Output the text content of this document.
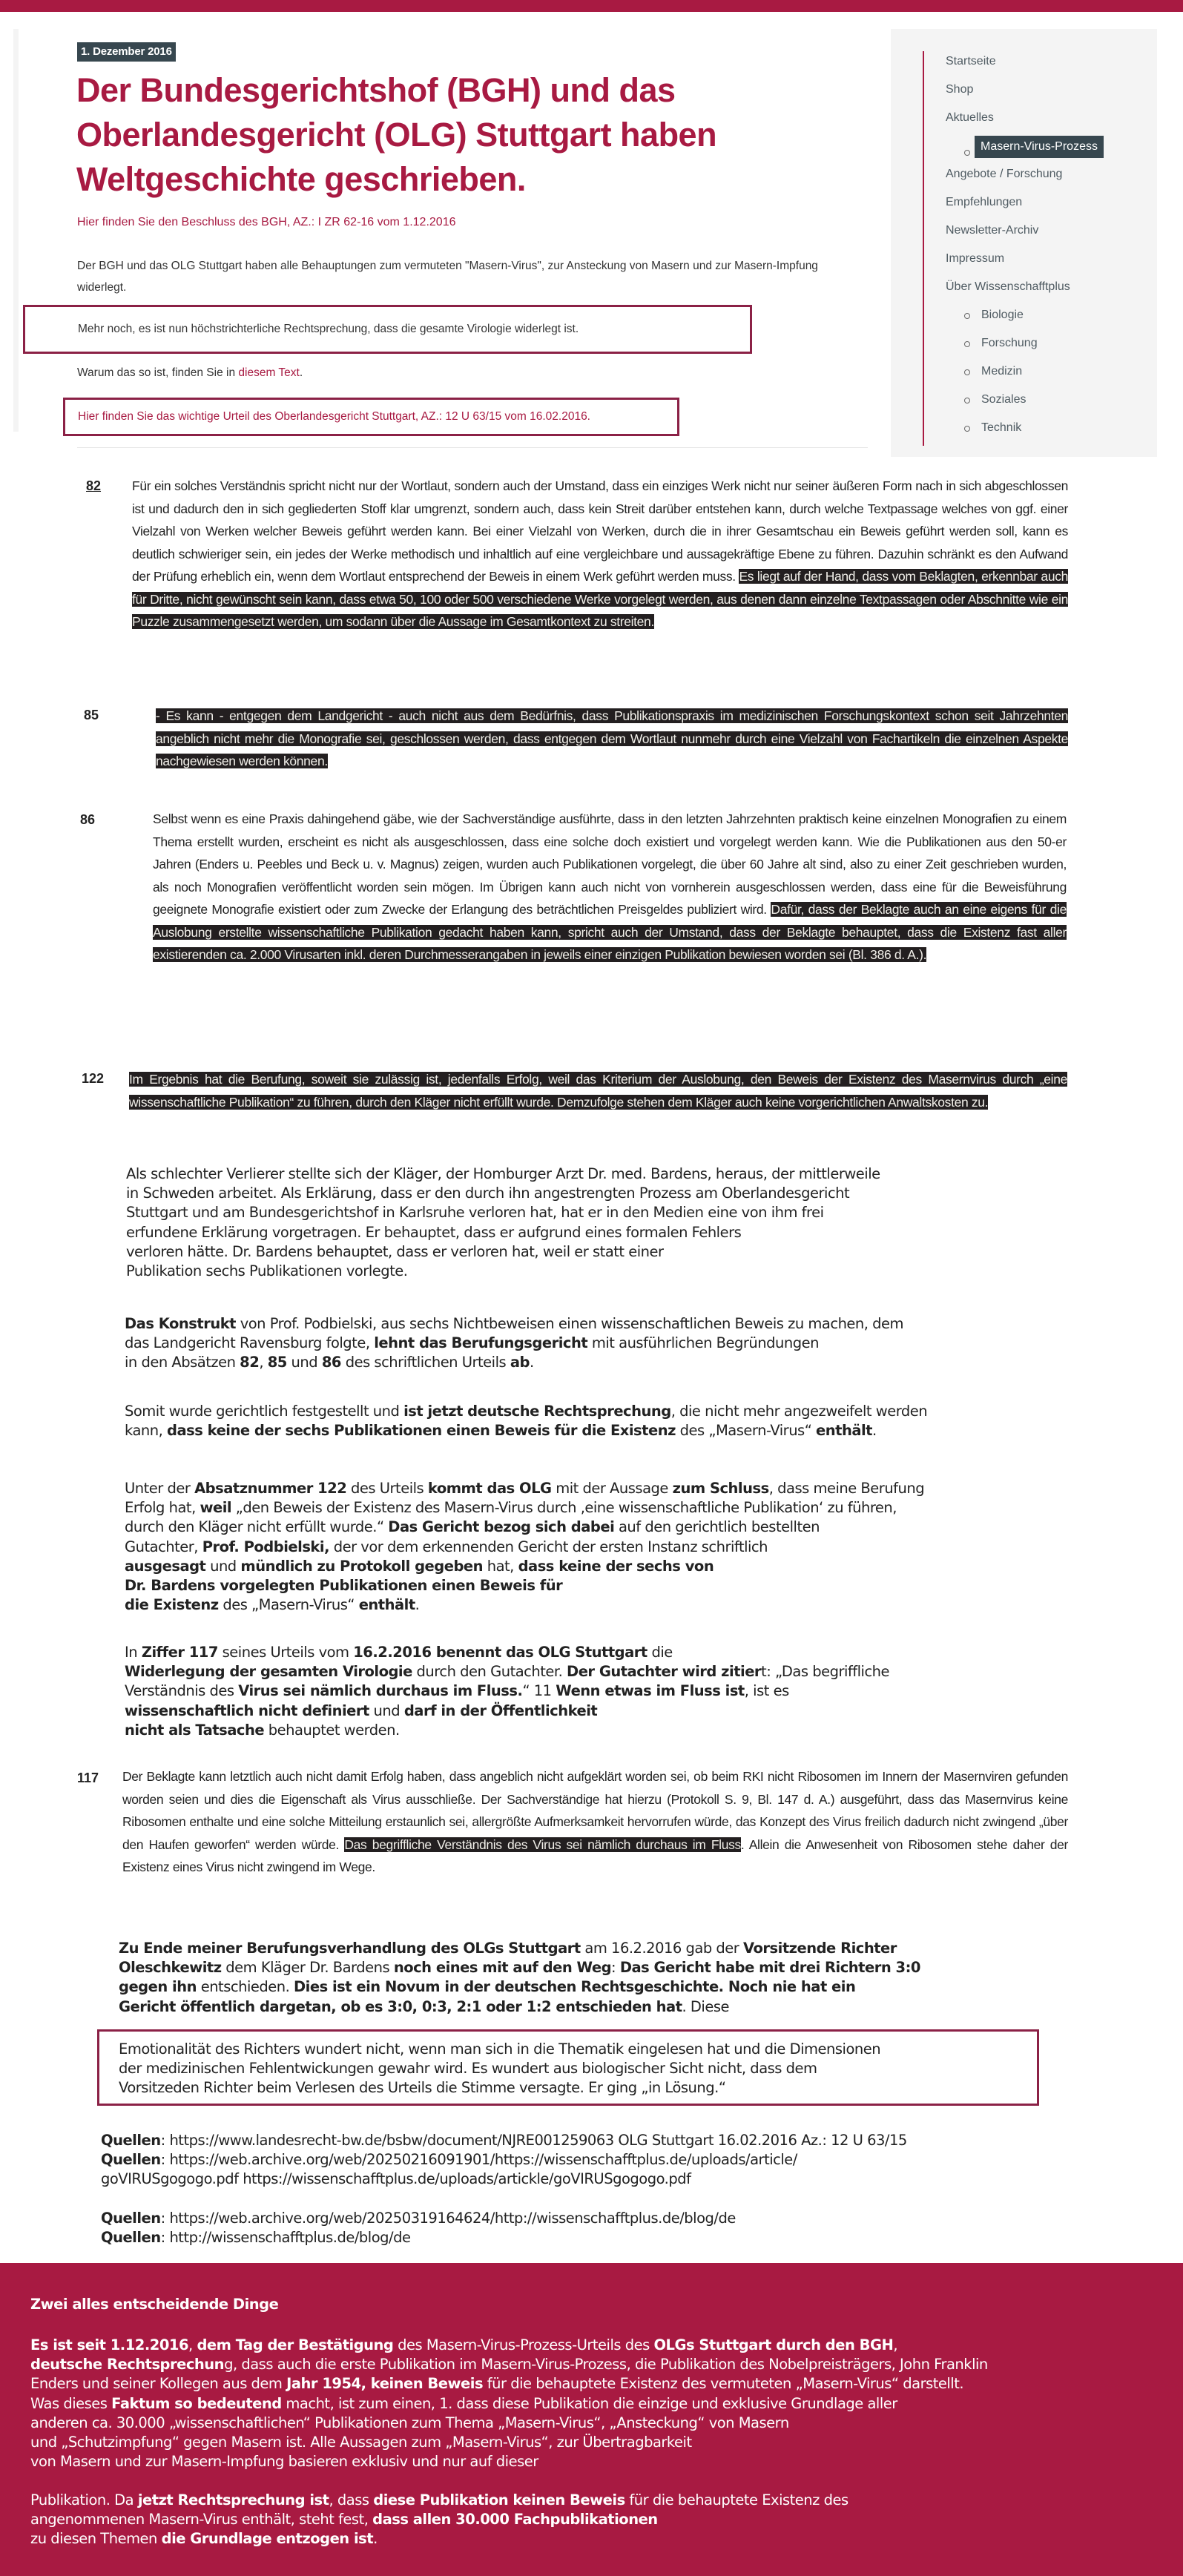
1. Dezember 2016
Der Bundesgerichtshof (BGH) und das Oberlandesgericht (OLG) Stuttgart haben Weltgeschichte geschrieben.
Hier finden Sie den Beschluss des BGH, AZ.: I ZR 62-16 vom 1.12.2016
Der BGH und das OLG Stuttgart haben alle Behauptungen zum vermuteten "Masern-Virus", zur Ansteckung von Masern und zur Masern-Impfung widerlegt.
Mehr noch, es ist nun höchstrichterliche Rechtsprechung, dass die gesamte Virologie widerlegt ist.
Warum das so ist, finden Sie in diesem Text.
Hier finden Sie das wichtige Urteil des Oberlandesgericht Stuttgart, AZ.: 12 U 63/15 vom 16.02.2016.
Startseite
Shop
Aktuelles
Masern-Virus-Prozess
Angebote / Forschung
Empfehlungen
Newsletter-Archiv
Impressum
Über Wissenschafftplus
Biologie
Forschung
Medizin
Soziales
Technik
82 Für ein solches Verständnis spricht nicht nur der Wortlaut, sondern auch der Umstand, dass ein einziges Werk nicht nur seiner äußeren Form nach in sich abgeschlossen ist und dadurch den in sich gegliederten Stoff klar umgrenzt, sondern auch, dass kein Streit darüber entstehen kann, durch welche Textpassage welches von ggf. einer Vielzahl von Werken welcher Beweis geführt werden kann. Bei einer Vielzahl von Werken, durch die in ihrer Gesamtschau ein Beweis geführt werden soll, kann es deutlich schwieriger sein, ein jedes der Werke methodisch und inhaltlich auf eine vergleichbare und aussagekräftige Ebene zu führen. Dazuhin schränkt es den Aufwand der Prüfung erheblich ein, wenn dem Wortlaut entsprechend der Beweis in einem Werk geführt werden muss. Es liegt auf der Hand, dass vom Beklagten, erkennbar auch für Dritte, nicht gewünscht sein kann, dass etwa 50, 100 oder 500 verschiedene Werke vorgelegt werden, aus denen dann einzelne Textpassagen oder Abschnitte wie ein Puzzle zusammengesetzt werden, um sodann über die Aussage im Gesamtkontext zu streiten.
85	- Es kann - entgegen dem Landgericht - auch nicht aus dem Bedürfnis, dass Publikationspraxis im medizinischen Forschungskontext schon seit Jahrzehnten angeblich nicht mehr die Monografie sei, geschlossen werden, dass entgegen dem Wortlaut nunmehr durch eine Vielzahl von Fachartikeln die einzelnen Aspekte nachgewiesen werden können.
86	Selbst wenn es eine Praxis dahingehend gäbe, wie der Sachverständige ausführte, dass in den letzten Jahrzehnten praktisch keine einzelnen Monografien zu einem Thema erstellt wurden, erscheint es nicht als ausgeschlossen, dass eine solche doch existiert und vorgelegt werden kann. Wie die Publikationen aus den 50-er Jahren (Enders u. Peebles und Beck u. v. Magnus) zeigen, wurden auch Publikationen vorgelegt, die über 60 Jahre alt sind, also zu einer Zeit geschrieben wurden, als noch Monografien veröffentlicht worden sein mögen. Im Übrigen kann auch nicht von vornherein ausgeschlossen werden, dass eine für die Beweisführung geeignete Monografie existiert oder zum Zwecke der Erlangung des beträchtlichen Preisgeldes publiziert wird. Dafür, dass der Beklagte auch an eine eigens für die Auslobung erstellte wissenschaftliche Publikation gedacht haben kann, spricht auch der Umstand, dass der Beklagte behauptet, dass die Existenz fast aller existierenden ca. 2.000 Virusarten inkl. deren Durchmesserangaben in jeweils einer einzigen Publikation bewiesen worden sei (Bl. 386 d. A.).
122 Im Ergebnis hat die Berufung, soweit sie zulässig ist, jedenfalls Erfolg, weil das Kriterium der Auslobung, den Beweis der Existenz des Masernvirus durch „eine wissenschaftliche Publikation“ zu führen, durch den Kläger nicht erfüllt wurde. Demzufolge stehen dem Kläger auch keine vorgerichtlichen Anwaltskosten zu.
Als schlechter Verlierer stellte sich der Kläger, der Homburger Arzt Dr. med. Bardens, heraus, der mittlerweile
in Schweden arbeitet. Als Erklärung, dass er den durch ihn angestrengten Prozess am Oberlandesgericht
Stuttgart und am Bundesgerichtshof in Karlsruhe verloren hat, hat er in den Medien eine von ihm frei
erfundene Erklärung vorgetragen. Er behauptet, dass er aufgrund eines formalen Fehlers
verloren hätte. Dr. Bardens behauptet, dass er verloren hat, weil er statt einer
Publikation sechs Publikationen vorlegte.
Das Konstrukt von Prof. Podbielski, aus sechs Nichtbeweisen einen wissenschaftlichen Beweis zu machen, dem
das Landgericht Ravensburg folgte, lehnt das Berufungsgericht mit ausführlichen Begründungen
in den Absätzen 82, 85 und 86 des schriftlichen Urteils ab.
Somit wurde gerichtlich festgestellt und ist jetzt deutsche Rechtsprechung, die nicht mehr angezweifelt werden
kann, dass keine der sechs Publikationen einen Beweis für die Existenz des „Masern-Virus“ enthält.
Unter der Absatznummer 122 des Urteils kommt das OLG mit der Aussage zum Schluss, dass meine Berufung
Erfolg hat, weil „den Beweis der Existenz des Masern-Virus durch ‚eine wissenschaftliche Publikation‘ zu führen,
durch den Kläger nicht erfüllt wurde.“ Das Gericht bezog sich dabei auf den gerichtlich bestellten
Gutachter, Prof. Podbielski, der vor dem erkennenden Gericht der ersten Instanz schriftlich
ausgesagt und mündlich zu Protokoll gegeben hat, dass keine der sechs von
Dr. Bardens vorgelegten Publikationen einen Beweis für
die Existenz des „Masern-Virus“ enthält.
In Ziffer 117 seines Urteils vom 16.2.2016 benennt das OLG Stuttgart die
Widerlegung der gesamten Virologie durch den Gutachter. Der Gutachter wird zitiert: „Das begriffliche
Verständnis des Virus sei nämlich durchaus im Fluss.“ 11 Wenn etwas im Fluss ist, ist es
wissenschaftlich nicht definiert und darf in der Öffentlichkeit
nicht als Tatsache behauptet werden.
117 Der Beklagte kann letztlich auch nicht damit Erfolg haben, dass angeblich nicht aufgeklärt worden sei, ob beim RKI nicht Ribosomen im Innern der Masernviren gefunden worden seien und dies die Eigenschaft als Virus ausschließe. Der Sachverständige hat hierzu (Protokoll S. 9, Bl. 147 d. A.) ausgeführt, dass das Masernvirus keine Ribosomen enthalte und eine solche Mitteilung erstaunlich sei, allergrößte Aufmerksamkeit hervorrufen würde, das Konzept des Virus freilich dadurch nicht zwingend „über den Haufen geworfen“ werden würde. Das begriffliche Verständnis des Virus sei nämlich durchaus im Fluss. Allein die Anwesenheit von Ribosomen stehe daher der Existenz eines Virus nicht zwingend im Wege.
Zu Ende meiner Berufungsverhandlung des OLGs Stuttgart am 16.2.2016 gab der Vorsitzende Richter
Oleschkewitz dem Kläger Dr. Bardens noch eines mit auf den Weg: Das Gericht habe mit drei Richtern 3:0
gegen ihn entschieden. Dies ist ein Novum in der deutschen Rechtsgeschichte. Noch nie hat ein
Gericht öffentlich dargetan, ob es 3:0, 0:3, 2:1 oder 1:2 entschieden hat. Diese
Emotionalität des Richters wundert nicht, wenn man sich in die Thematik eingelesen hat und die Dimensionen
der medizinischen Fehlentwickungen gewahr wird. Es wundert aus biologischer Sicht nicht, dass dem
Vorsitzeden Richter beim Verlesen des Urteils die Stimme versagte. Er ging „in Lösung.“
Quellen: https://www.landesrecht-bw.de/bsbw/document/NJRE001259063 OLG Stuttgart 16.02.2016 Az.: 12 U 63/15
Quellen: https://web.archive.org/web/20250216091901/https://wissenschafftplus.de/uploads/article/
goVIRUSgogogo.pdf https://wissenschafftplus.de/uploads/artickle/goVIRUSgogogo.pdf
Quellen: https://web.archive.org/web/20250319164624/http://wissenschafftplus.de/blog/de
Quellen: http://wissenschafftplus.de/blog/de
Zwei alles entscheidende Dinge
Es ist seit 1.12.2016, dem Tag der Bestätigung des Masern-Virus-Prozess-Urteils des OLGs Stuttgart durch den BGH,
deutsche Rechtsprechung, dass auch die erste Publikation im Masern-Virus-Prozess, die Publikation des Nobelpreisträgers, John Franklin
Enders und seiner Kollegen aus dem Jahr 1954, keinen Beweis für die behauptete Existenz des vermuteten „Masern-Virus“ darstellt.
Was dieses Faktum so bedeutend macht, ist zum einen, 1. dass diese Publikation die einzige und exklusive Grundlage aller
anderen ca. 30.000 „wissenschaftlichen“ Publikationen zum Thema „Masern-Virus“, „Ansteckung“ von Masern
und „Schutzimpfung“ gegen Masern ist. Alle Aussagen zum „Masern-Virus“, zur Übertragbarkeit
von Masern und zur Masern-Impfung basieren exklusiv und nur auf dieser
Publikation. Da jetzt Rechtsprechung ist, dass diese Publikation keinen Beweis für die behauptete Existenz des
angenommenen Masern-Virus enthält, steht fest, dass allen 30.000 Fachpublikationen
zu diesen Themen die Grundlage entzogen ist.
